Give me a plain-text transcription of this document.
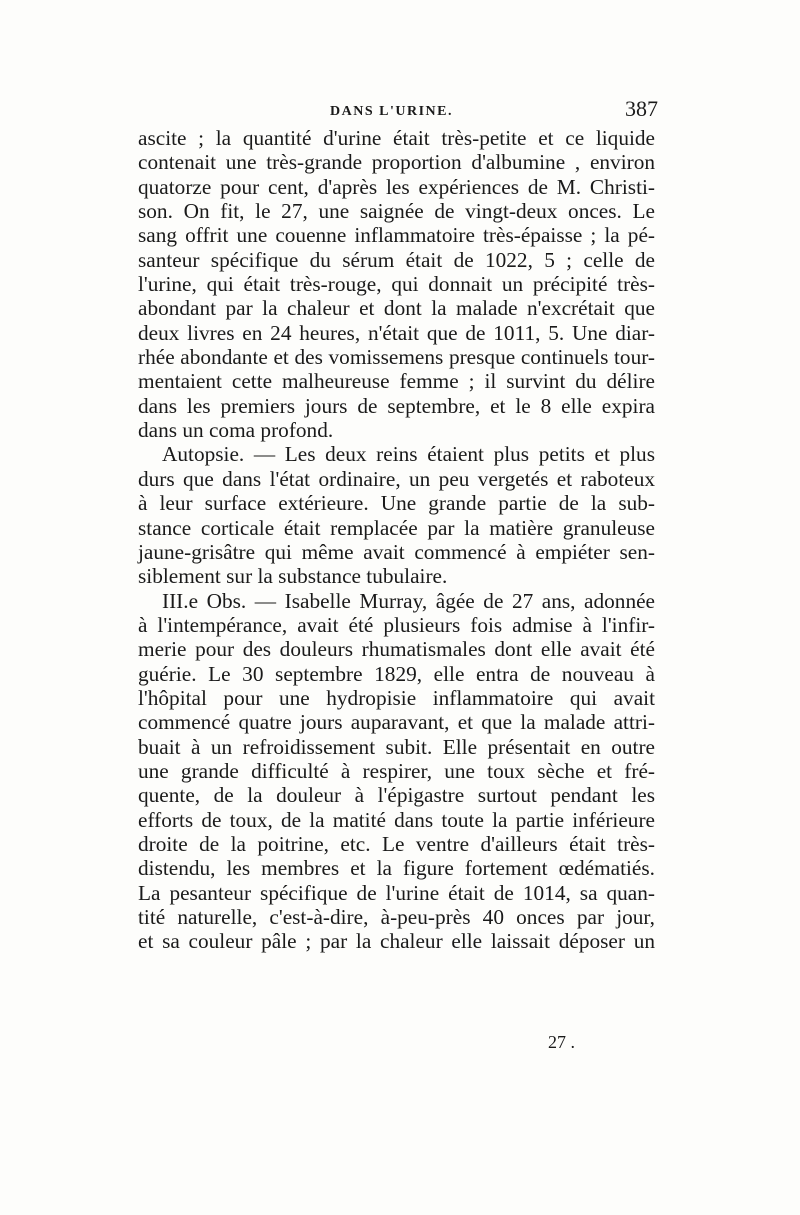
DANS L'URINE.	387
ascite ; la quantité d'urine était très-petite et ce liquide
contenait une très-grande proportion d'albumine , environ
quatorze pour cent, d'après les expériences de M. Christi-
son. On fit, le 27, une saignée de vingt-deux onces. Le
sang offrit une couenne inflammatoire très-épaisse ; la pé-
santeur spécifique du sérum était de 1022, 5 ; celle de
l'urine, qui était très-rouge, qui donnait un précipité très-
abondant par la chaleur et dont la malade n'excrétait que
deux livres en 24 heures, n'était que de 1011, 5. Une diar-
rhée abondante et des vomissemens presque continuels tour-
mentaient cette malheureuse femme ; il survint du délire
dans les premiers jours de septembre, et le 8 elle expira
dans un coma profond.
Autopsie. — Les deux reins étaient plus petits et plus
durs que dans l'état ordinaire, un peu vergetés et raboteux
à leur surface extérieure. Une grande partie de la sub-
stance corticale était remplacée par la matière granuleuse
jaune-grisâtre qui même avait commencé à empiéter sen-
siblement sur la substance tubulaire.
III.e Obs. — Isabelle Murray, âgée de 27 ans, adonnée
à l'intempérance, avait été plusieurs fois admise à l'infir-
merie pour des douleurs rhumatismales dont elle avait été
guérie. Le 30 septembre 1829, elle entra de nouveau à
l'hôpital pour une hydropisie inflammatoire qui avait
commencé quatre jours auparavant, et que la malade attri-
buait à un refroidissement subit. Elle présentait en outre
une grande difficulté à respirer, une toux sèche et fré-
quente, de la douleur à l'épigastre surtout pendant les
efforts de toux, de la matité dans toute la partie inférieure
droite de la poitrine, etc. Le ventre d'ailleurs était très-
distendu, les membres et la figure fortement œdématiés.
La pesanteur spécifique de l'urine était de 1014, sa quan-
tité naturelle, c'est-à-dire, à-peu-près 40 onces par jour,
et sa couleur pâle ; par la chaleur elle laissait déposer un
27 .
